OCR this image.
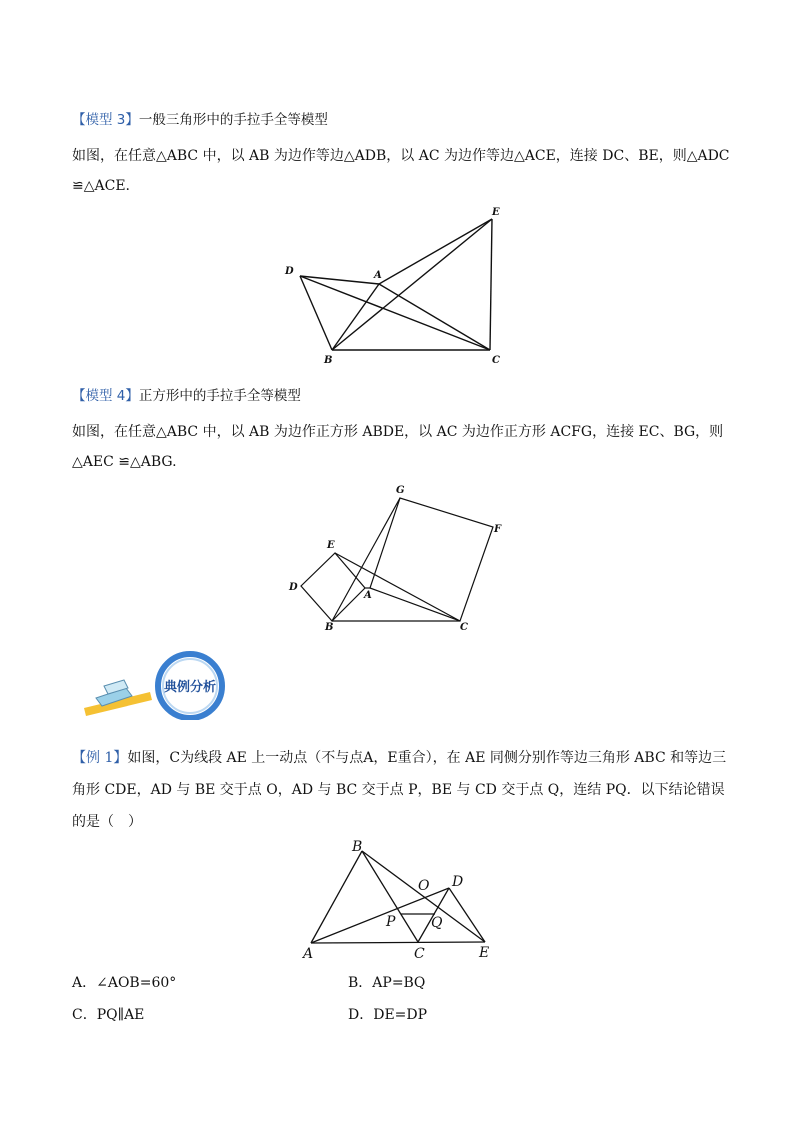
【模型 3】一般三角形中的手拉手全等模型
如图，在任意△ABC 中，以 AB 为边作等边△ADB，以 AC 为边作等边△ACE，连接 DC、BE，则△ADC ≌△ACE.
E
D	A
B	C
【模型 4】正方形中的手拉手全等模型
如图，在任意△ABC 中，以 AB 为边作正方形 ABDE，以 AC 为边作正方形 ACFG，连接 EC、BG，则△AEC ≌△ABG.
G
F
E
D
A
B	C
典例分析
【例 1】如图，C为线段 AE 上一动点（不与点A，E重合），在 AE 同侧分别作等边三角形 ABC 和等边三角形 CDE，AD 与 BE 交于点 O，AD 与 BC 交于点 P，BE 与 CD 交于点 Q，连结 PQ．以下结论错误的是（　）
B
O D
P	Q
A	C	E
A．∠AOB=60°	B．AP=BQ
C．PQ∥AE	D．DE=DP
